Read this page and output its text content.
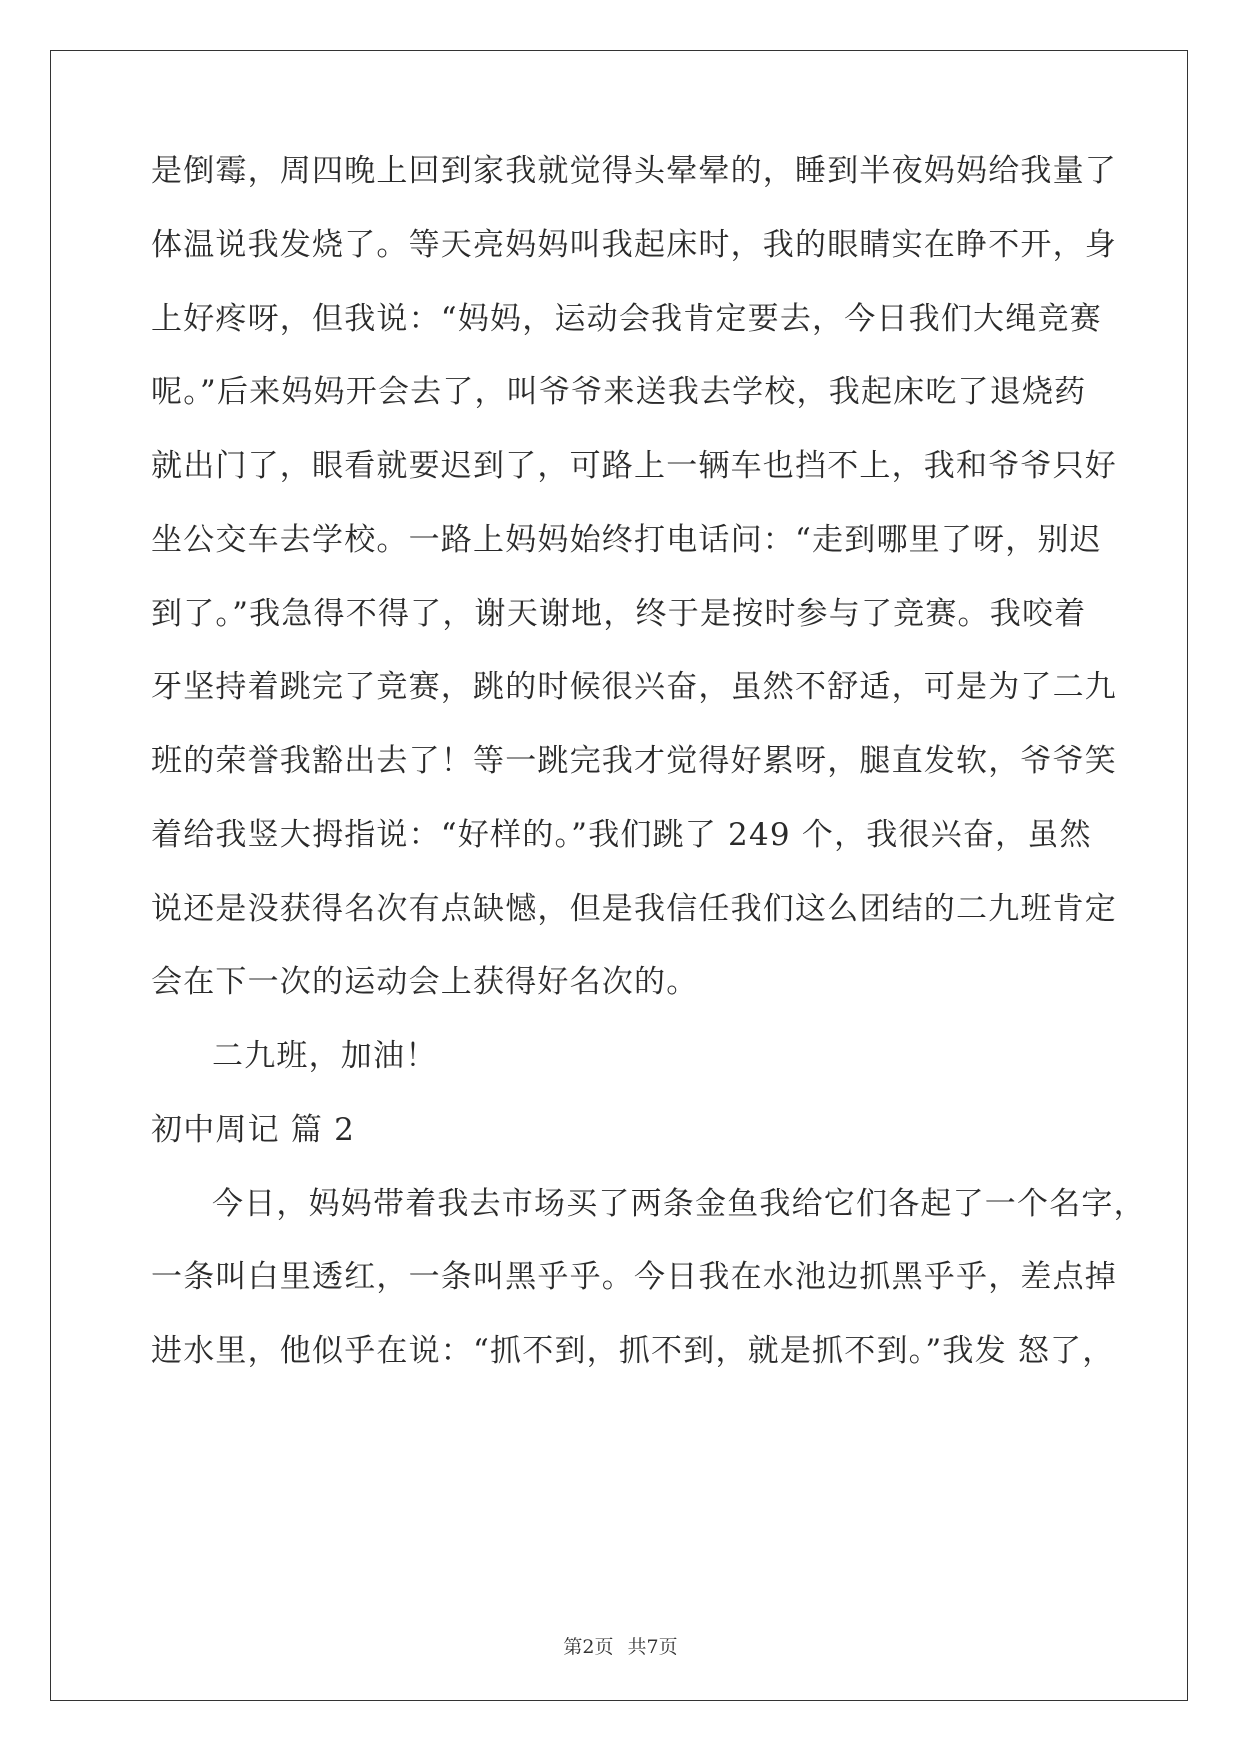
是倒霉，周四晚上回到家我就觉得头晕晕的，睡到半夜妈妈给我量了
体温说我发烧了。等天亮妈妈叫我起床时，我的眼睛实在睁不开，身
上好疼呀，但我说：“妈妈，运动会我肯定要去，今日我们大绳竞赛
呢。”后来妈妈开会去了，叫爷爷来送我去学校，我起床吃了退烧药
就出门了，眼看就要迟到了，可路上一辆车也挡不上，我和爷爷只好
坐公交车去学校。一路上妈妈始终打电话问：“走到哪里了呀，别迟
到了。”我急得不得了，谢天谢地，终于是按时参与了竞赛。我咬着
牙坚持着跳完了竞赛，跳的时候很兴奋，虽然不舒适，可是为了二九
班的荣誉我豁出去了！等一跳完我才觉得好累呀，腿直发软，爷爷笑
着给我竖大拇指说：“好样的。”我们跳了 249 个，我很兴奋，虽然
说还是没获得名次有点缺憾，但是我信任我们这么团结的二九班肯定
会在下一次的运动会上获得好名次的。
二九班，加油！
初中周记 篇 2
今日，妈妈带着我去市场买了两条金鱼我给它们各起了一个名字，
一条叫白里透红，一条叫黑乎乎。今日我在水池边抓黑乎乎，差点掉
进水里，他似乎在说：“抓不到，抓不到，就是抓不到。”我发 怒了，
第2页 共7页
